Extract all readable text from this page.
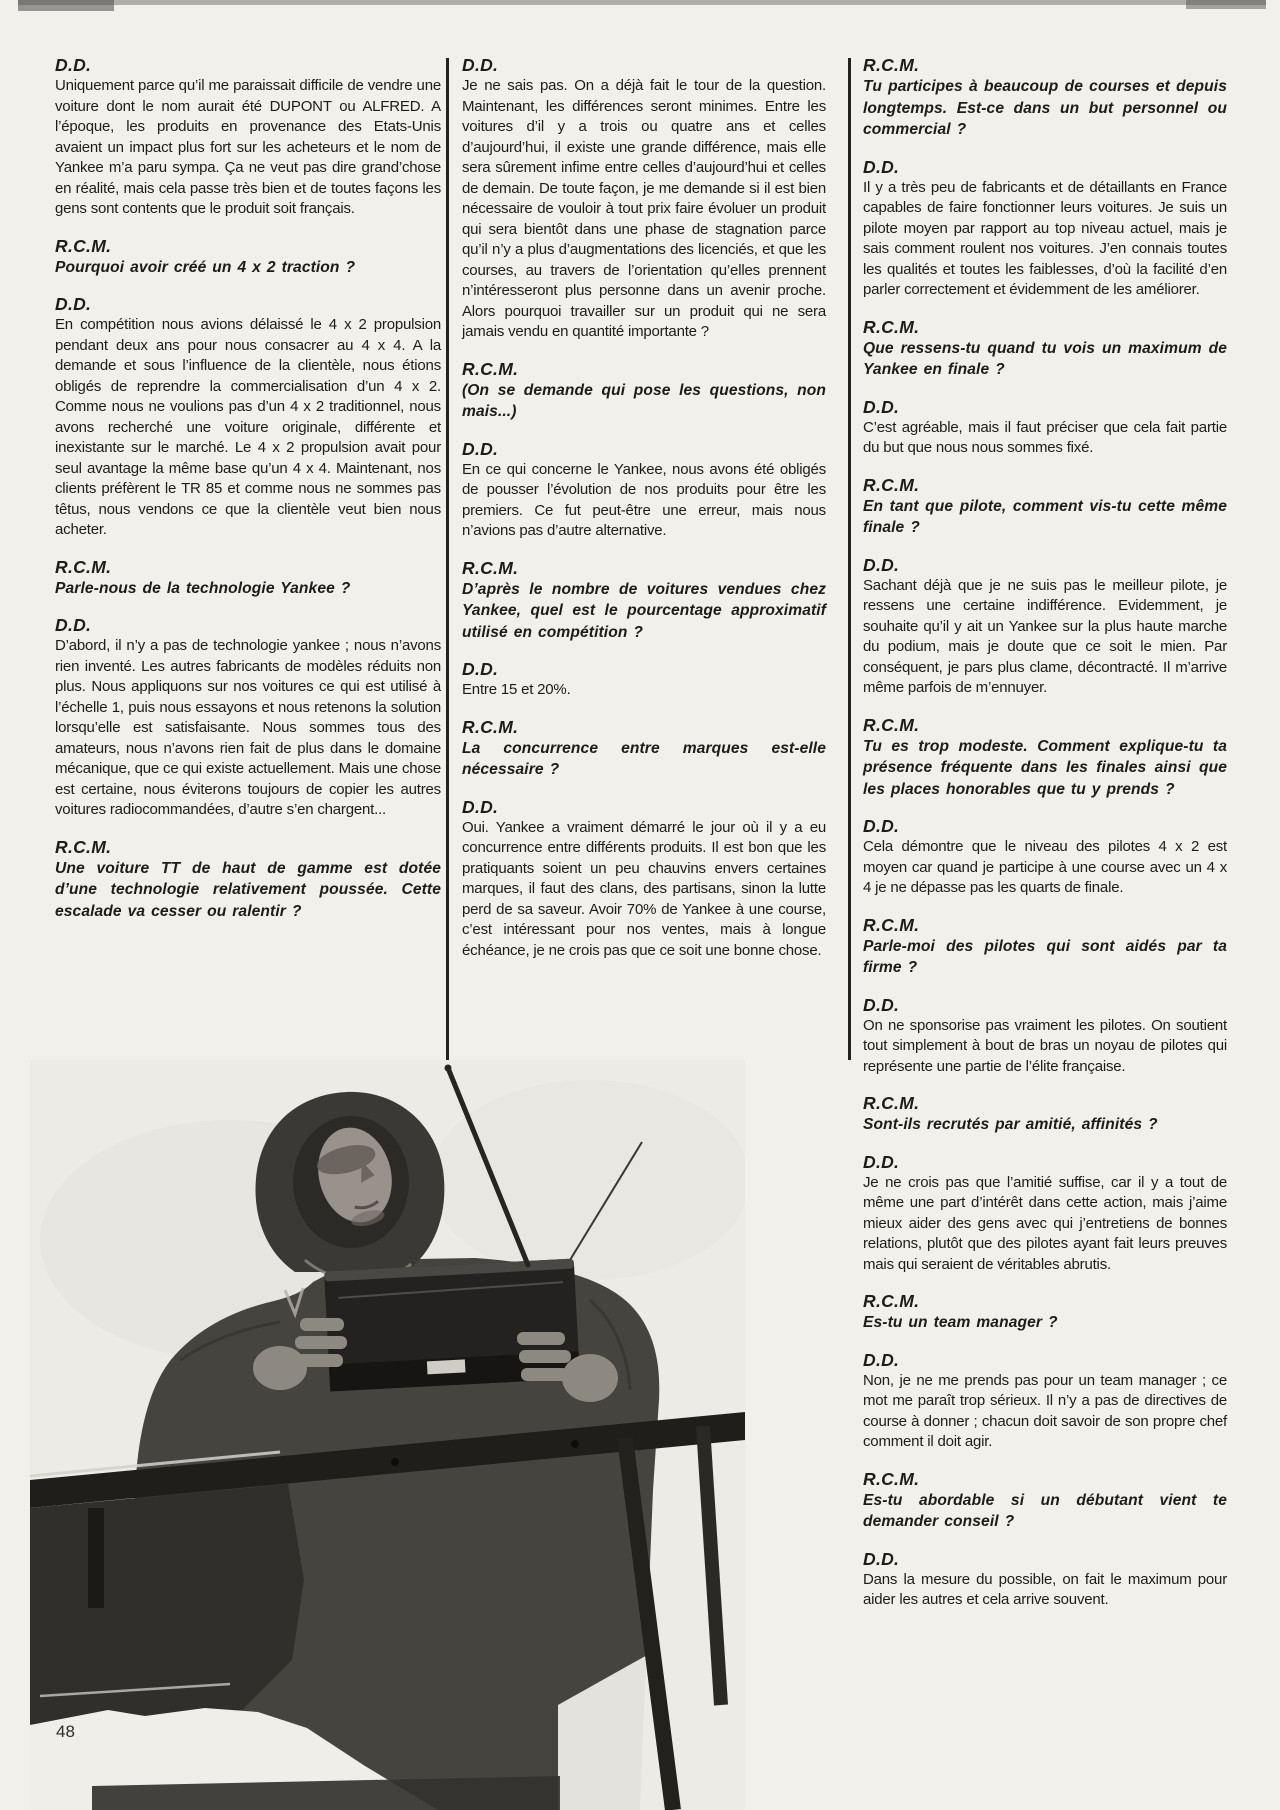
D.D.
Uniquement parce qu’il me paraissait difficile de vendre une voiture dont le nom aurait été DUPONT ou ALFRED. A l’époque, les produits en provenance des Etats-Unis avaient un impact plus fort sur les acheteurs et le nom de Yankee m’a paru sympa. Ça ne veut pas dire grand’chose en réalité, mais cela passe très bien et de toutes façons les gens sont contents que le produit soit français.
R.C.M.
Pourquoi avoir créé un 4 x 2 traction ?
D.D.
En compétition nous avions délaissé le 4 x 2 propulsion pendant deux ans pour nous consacrer au 4 x 4. A la demande et sous l’influence de la clientèle, nous étions obligés de reprendre la commercialisation d’un 4 x 2. Comme nous ne voulions pas d’un 4 x 2 traditionnel, nous avons recherché une voiture originale, différente et inexistante sur le marché. Le 4 x 2 propulsion avait pour seul avantage la même base qu’un 4 x 4. Maintenant, nos clients préfèrent le TR 85 et comme nous ne sommes pas têtus, nous vendons ce que la clientèle veut bien nous acheter.
R.C.M.
Parle-nous de la technologie Yankee ?
D.D.
D’abord, il n’y a pas de technologie yankee ; nous n’avons rien inventé. Les autres fabricants de modèles réduits non plus. Nous appliquons sur nos voitures ce qui est utilisé à l’échelle 1, puis nous essayons et nous retenons la solution lorsqu’elle est satisfaisante. Nous sommes tous des amateurs, nous n’avons rien fait de plus dans le domaine mécanique, que ce qui existe actuellement. Mais une chose est certaine, nous éviterons toujours de copier les autres voitures radiocommandées, d’autre s’en chargent...
R.C.M.
Une voiture TT de haut de gamme est dotée d’une technologie relativement poussée. Cette escalade va cesser ou ralentir ?
D.D.
Je ne sais pas. On a déjà fait le tour de la question. Maintenant, les différences seront minimes. Entre les voitures d’il y a trois ou quatre ans et celles d’aujourd’hui, il existe une grande différence, mais elle sera sûrement infime entre celles d’aujourd’hui et celles de demain. De toute façon, je me demande si il est bien nécessaire de vouloir à tout prix faire évoluer un produit qui sera bientôt dans une phase de stagnation parce qu’il n’y a plus d’augmentations des licenciés, et que les courses, au travers de l’orientation qu’elles prennent n’intéresseront plus personne dans un avenir proche. Alors pourquoi travailler sur un produit qui ne sera jamais vendu en quantité importante ?
R.C.M.
(On se demande qui pose les questions, non mais...)
D.D.
En ce qui concerne le Yankee, nous avons été obligés de pousser l’évolution de nos produits pour être les premiers. Ce fut peut-être une erreur, mais nous n’avions pas d’autre alternative.
R.C.M.
D’après le nombre de voitures vendues chez Yankee, quel est le pourcentage approximatif utilisé en compétition ?
D.D.
Entre 15 et 20%.
R.C.M.
La concurrence entre marques est-elle nécessaire ?
D.D.
Oui. Yankee a vraiment démarré le jour où il y a eu concurrence entre différents produits. Il est bon que les pratiquants soient un peu chauvins envers certaines marques, il faut des clans, des partisans, sinon la lutte perd de sa saveur. Avoir 70% de Yankee à une course, c’est intéressant pour nos ventes, mais à longue échéance, je ne crois pas que ce soit une bonne chose.
R.C.M.
Tu participes à beaucoup de courses et depuis longtemps. Est-ce dans un but personnel ou commercial ?
D.D.
Il y a très peu de fabricants et de détaillants en France capables de faire fonctionner leurs voitures. Je suis un pilote moyen par rapport au top niveau actuel, mais je sais comment roulent nos voitures. J’en connais toutes les qualités et toutes les faiblesses, d’où la facilité d’en parler correctement et évidemment de les améliorer.
R.C.M.
Que ressens-tu quand tu vois un maximum de Yankee en finale ?
D.D.
C’est agréable, mais il faut préciser que cela fait partie du but que nous nous sommes fixé.
R.C.M.
En tant que pilote, comment vis-tu cette même finale ?
D.D.
Sachant déjà que je ne suis pas le meilleur pilote, je ressens une certaine indifférence. Evidemment, je souhaite qu’il y ait un Yankee sur la plus haute marche du podium, mais je doute que ce soit le mien. Par conséquent, je pars plus clame, décontracté. Il m’arrive même parfois de m’ennuyer.
R.C.M.
Tu es trop modeste. Comment explique-tu ta présence fréquente dans les finales ainsi que les places honorables que tu y prends ?
D.D.
Cela démontre que le niveau des pilotes 4 x 2 est moyen car quand je participe à une course avec un 4 x 4 je ne dépasse pas les quarts de finale.
R.C.M.
Parle-moi des pilotes qui sont aidés par ta firme ?
D.D.
On ne sponsorise pas vraiment les pilotes. On soutient tout simplement à bout de bras un noyau de pilotes qui représente une partie de l’élite française.
R.C.M.
Sont-ils recrutés par amitié, affinités ?
D.D.
Je ne crois pas que l’amitié suffise, car il y a tout de même une part d’intérêt dans cette action, mais j’aime mieux aider des gens avec qui j’entretiens de bonnes relations, plutôt que des pilotes ayant fait leurs preuves mais qui seraient de véritables abrutis.
R.C.M.
Es-tu un team manager ?
D.D.
Non, je ne me prends pas pour un team manager ; ce mot me paraît trop sérieux. Il n’y a pas de directives de course à donner ; chacun doit savoir de son propre chef comment il doit agir.
R.C.M.
Es-tu abordable si un débutant vient te demander conseil ?
D.D.
Dans la mesure du possible, on fait le maximum pour aider les autres et cela arrive souvent.
48
